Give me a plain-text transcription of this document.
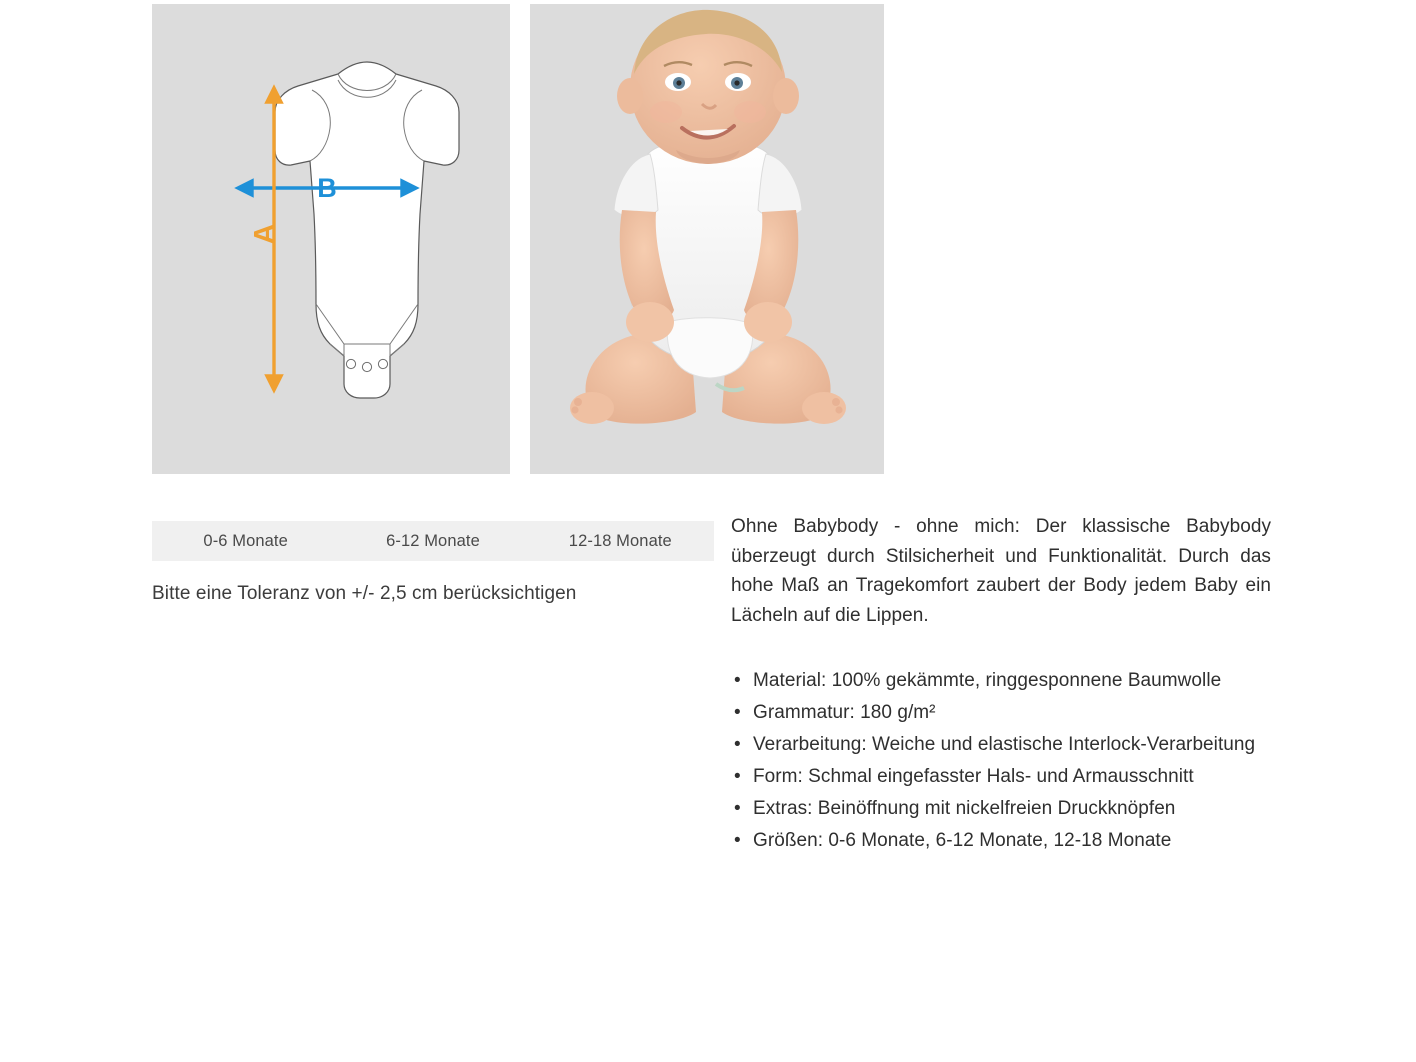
B
A
0-6 Monate	6-12 Monate	12-18 Monate
Bitte eine Toleranz von +/- 2,5 cm berücksichtigen

Ohne Babybody - ohne mich: Der klassische Babybody überzeugt durch Stilsicherheit und Funktionalität. Durch das hohe Maß an Tragekomfort zaubert der Body jedem Baby ein Lächeln auf die Lippen.

• Material: 100% gekämmte, ringgesponnene Baumwolle
• Grammatur: 180 g/m²
• Verarbeitung: Weiche und elastische Interlock-Verarbeitung
• Form: Schmal eingefasster Hals- und Armausschnitt
• Extras: Beinöffnung mit nickelfreien Druckknöpfen
• Größen: 0-6 Monate, 6-12 Monate, 12-18 Monate
